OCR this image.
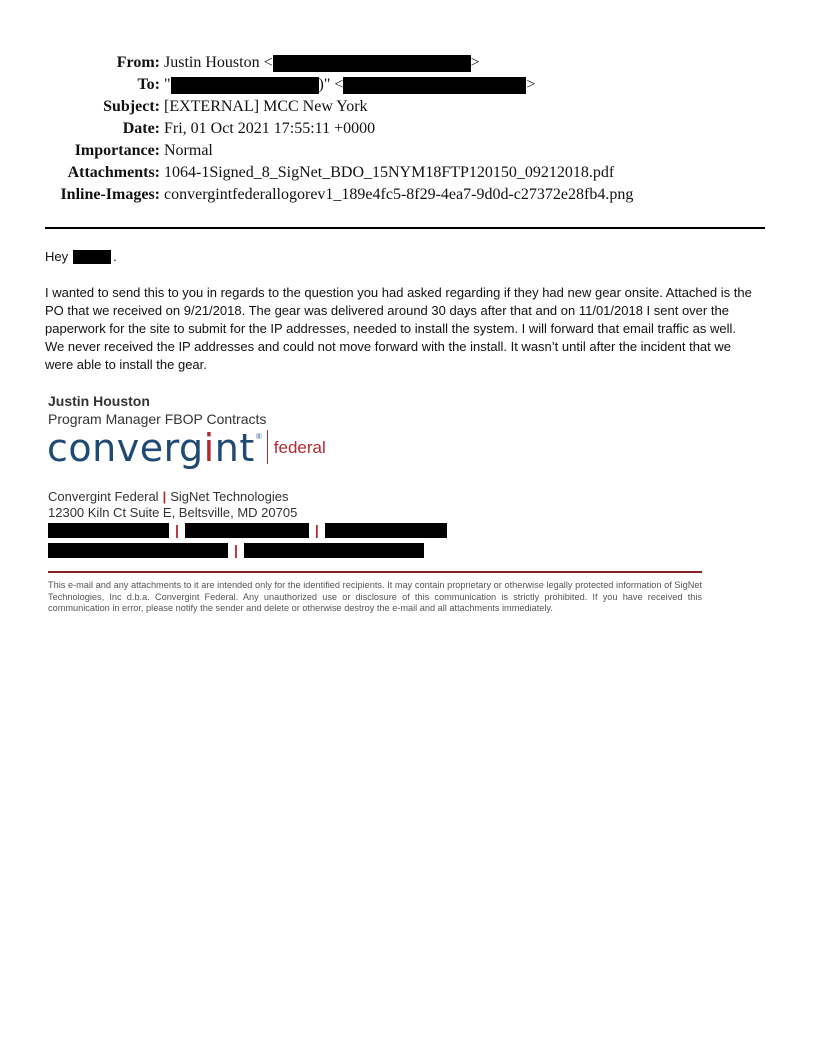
From: Justin Houston <	>
To: "	)" <	>
Subject: [EXTERNAL] MCC New York
Date: Fri, 01 Oct 2021 17:55:11 +0000
Importance: Normal
Attachments: 1064-1Signed_8_SigNet_BDO_15NYM18FTP120150_09212018.pdf
Inline-Images: convergintfederallogorev1_189e4fc5-8f29-4ea7-9d0d-c27372e28fb4.png
Hey	.
I wanted to send this to you in regards to the question you had asked regarding if they had new gear onsite. Attached is the PO that we received on 9/21/2018. The gear was delivered around 30 days after that and on 11/01/2018 I sent over the paperwork for the site to submit for the IP addresses, needed to install the system. I will forward that email traffic as well. We never received the IP addresses and could not move forward with the install. It wasn’t until after the incident that we were able to install the gear.
Justin Houston
Program Manager FBOP Contracts
convergint ®
federal
Convergint Federal | SigNet Technologies
12300 Kiln Ct Suite E, Beltsville, MD 20705
|	|
|
This e-mail and any attachments to it are intended only for the identified recipients. It may contain proprietary or otherwise legally protected information of SigNet Technologies, Inc d.b.a. Convergint Federal. Any unauthorized use or disclosure of this communication is strictly prohibited. If you have received this communication in error, please notify the sender and delete or otherwise destroy the e-mail and all attachments immediately.
